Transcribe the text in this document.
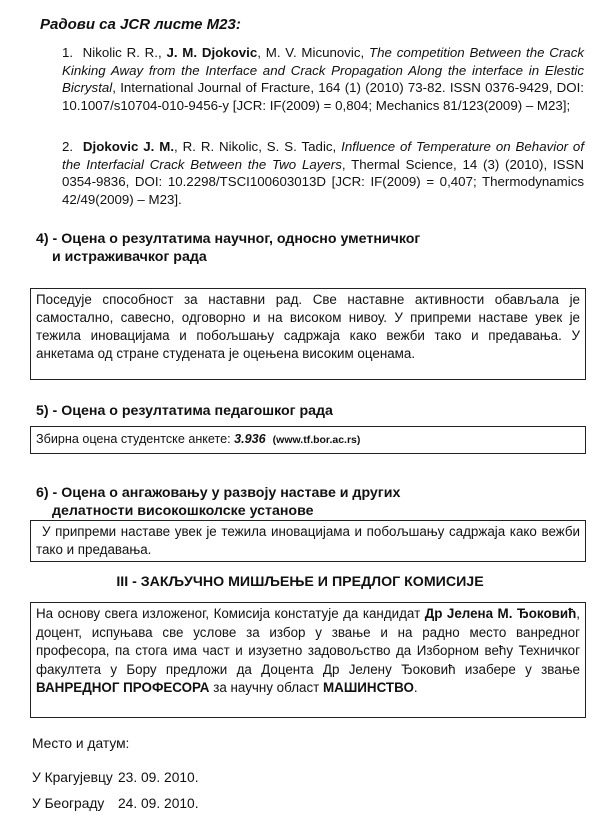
Радови са JCR листе М23:
1. Nikolic R. R., J. M. Djokovic, M. V. Micunovic, The competition Between the Crack Kinking Away from the Interface and Crack Propagation Along the interface in Elestic Bicrystal, International Journal of Fracture, 164 (1) (2010) 73-82. ISSN 0376-9429, DOI: 10.1007/s10704-010-9456-y [JCR: IF(2009) = 0,804; Mechanics 81/123(2009) – M23];
2. Djokovic J. M., R. R. Nikolic, S. S. Tadic, Influence of Temperature on Behavior of the Interfacial Crack Between the Two Layers, Thermal Science, 14 (3) (2010), ISSN 0354-9836, DOI: 10.2298/TSCI100603013D [JCR: IF(2009) = 0,407; Thermodynamics 42/49(2009) – M23].
4) - Оцена о резултатима научног, односно уметничког
и истраживачког рада
Поседује способност за наставни рад. Све наставне активности обављала је самостално, савесно, одговорно и на високом нивоу. У припреми наставе увек је тежила иновацијама и побољшању садржаја како вежби тако и предавања. У анкетама од стране студената је оцењена високим оценама.
5) - Оцена о резултатима педагошког рада
Збирна оцена студентске анкете: 3.936 (www.tf.bor.ac.rs)
6) - Оцена о ангажовању у развоју наставе и других
делатности високошколске установе
У припреми наставе увек је тежила иновацијама и побољшању садржаја како вежби тако и предавања.
III - ЗАКЉУЧНО МИШЉЕЊЕ И ПРЕДЛОГ КОМИСИЈЕ
На основу свега изложеног, Комисија констатује да кандидат Др Јелена М. Ђоковић, доцент, испуњава све услове за избор у звање и на радно место ванредног професора, па стога има част и изузетно задовољство да Изборном већу Техничког факултета у Бору предложи да Доцента Др Јелену Ђоковић изабере у звање ВАНРЕДНОГ ПРОФЕСОРА за научну област МАШИНСТВО.
Место и датум:
У Крагујевцу 23. 09. 2010.
У Београду 24. 09. 2010.
